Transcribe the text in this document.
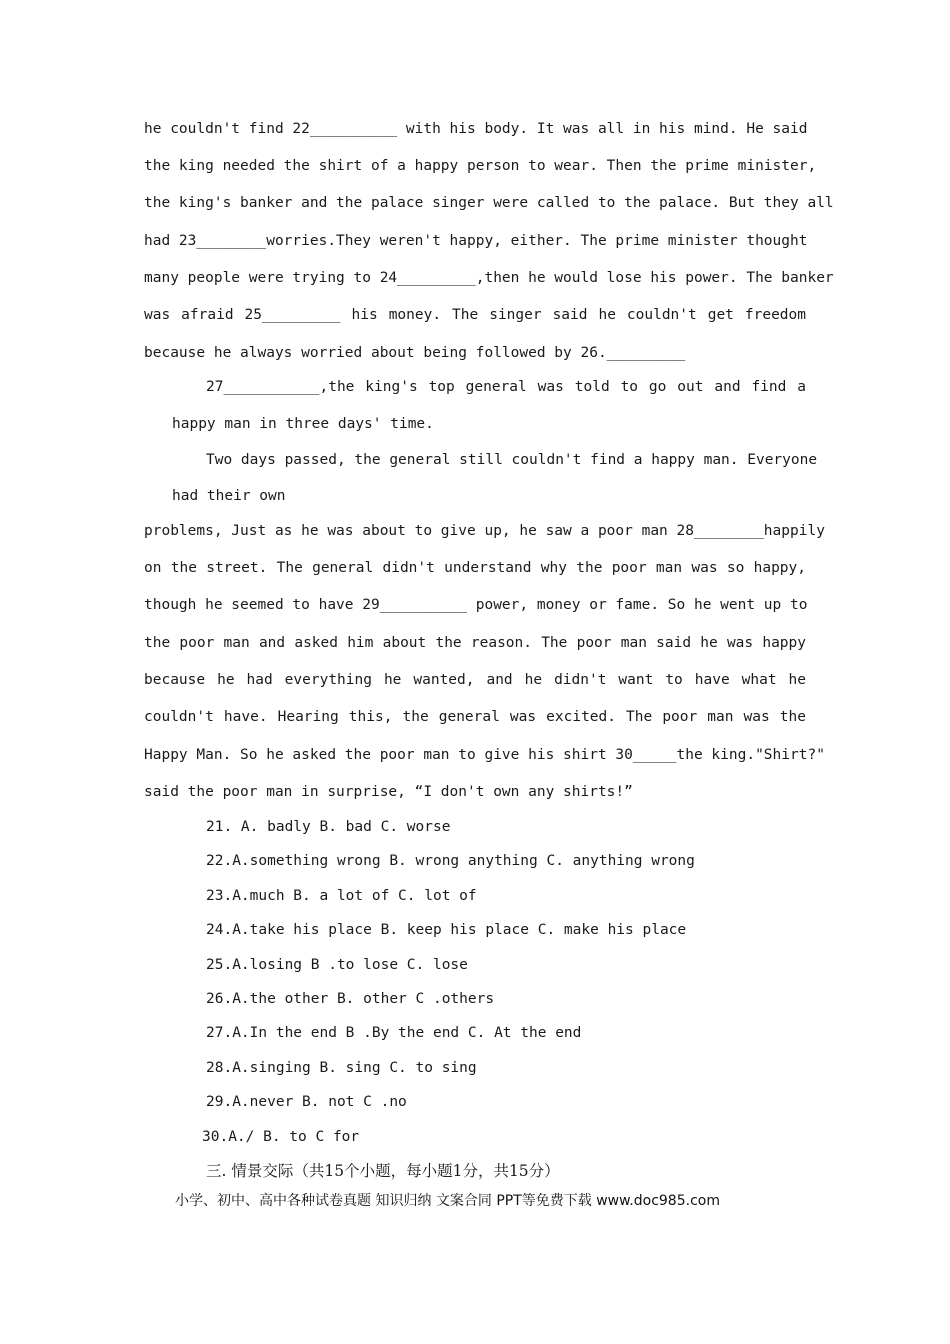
he couldn't find 22__________ with his body. It was all in his mind. He said
the king needed the shirt of a happy person to wear. Then the prime minister,
the king's banker and the palace singer were called to the palace. But they all
had 23________worries.They weren't happy, either. The prime minister thought
many people were trying to 24_________,then he would lose his power. The banker
was afraid 25_________ his money. The singer said he couldn't get freedom
because he always worried about being followed by 26._________
27___________,the king's top general was told to go out and find a
happy man in three days' time.
Two days passed, the general still couldn't find a happy man. Everyone
had their own
problems, Just as he was about to give up, he saw a poor man 28________happily
on the street. The general didn't understand why the poor man was so happy,
though he seemed to have 29__________ power, money or fame. So he went up to
the poor man and asked him about the reason. The poor man said he was happy
because he had everything he wanted, and he didn't want to have what he
couldn't have. Hearing this, the general was excited. The poor man was the
Happy Man. So he asked the poor man to give his shirt 30_____the king."Shirt?"
said the poor man in surprise, “I don't own any shirts!”
21. A. badly B. bad C. worse
22.A.something wrong B. wrong anything C. anything wrong
23.A.much B. a lot of C. lot of
24.A.take his place B. keep his place C. make his place
25.A.losing B .to lose C. lose
26.A.the other B. other C .others
27.A.In the end B .By the end C. At the end
28.A.singing B. sing C. to sing
29.A.never B. not C .no
30.A./ B. to C for
三. 情景交际（共15个小题，每小题1分，共15分）
小学、初中、高中各种试卷真题 知识归纳 文案合同 PPT等免费下载 www.doc985.com
